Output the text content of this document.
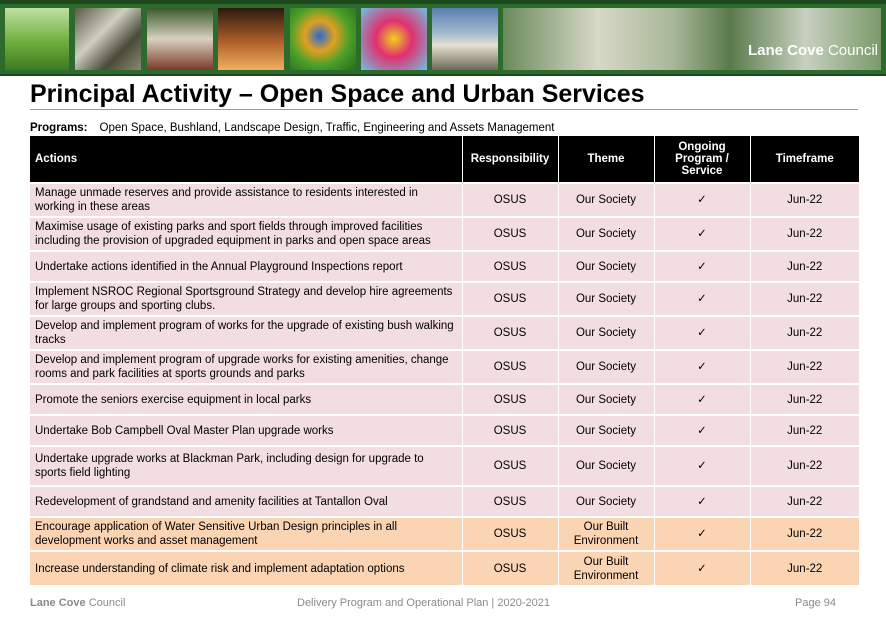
Lane Cove Council
Principal Activity – Open Space and Urban Services
Programs: Open Space, Bushland, Landscape Design, Traffic, Engineering and Assets Management
Actions	Responsibility	Theme	Ongoing Program / Service	Timeframe
Manage unmade reserves and provide assistance to residents interested in working in these areas	OSUS	Our Society	✓	Jun-22
Maximise usage of existing parks and sport fields through improved facilities including the provision of upgraded equipment in parks and open space areas	OSUS	Our Society	✓	Jun-22
Undertake actions identified in the Annual Playground Inspections report	OSUS	Our Society	✓	Jun-22
Implement NSROC Regional Sportsground Strategy and develop hire agreements for large groups and sporting clubs.	OSUS	Our Society	✓	Jun-22
Develop and implement program of works for the upgrade of existing bush walking tracks	OSUS	Our Society	✓	Jun-22
Develop and implement program of upgrade works for existing amenities, change rooms and park facilities at sports grounds and parks	OSUS	Our Society	✓	Jun-22
Promote the seniors exercise equipment in local parks	OSUS	Our Society	✓	Jun-22
Undertake Bob Campbell Oval Master Plan upgrade works	OSUS	Our Society	✓	Jun-22
Undertake upgrade works at Blackman Park, including design for upgrade to sports field lighting	OSUS	Our Society	✓	Jun-22
Redevelopment of grandstand and amenity facilities at Tantallon Oval	OSUS	Our Society	✓	Jun-22
Encourage application of Water Sensitive Urban Design principles in all development works and asset management	OSUS	Our Built Environment	✓	Jun-22
Increase understanding of climate risk and implement adaptation options	OSUS	Our Built Environment	✓	Jun-22
Lane Cove Council	Delivery Program and Operational Plan | 2020-2021	Page 94
